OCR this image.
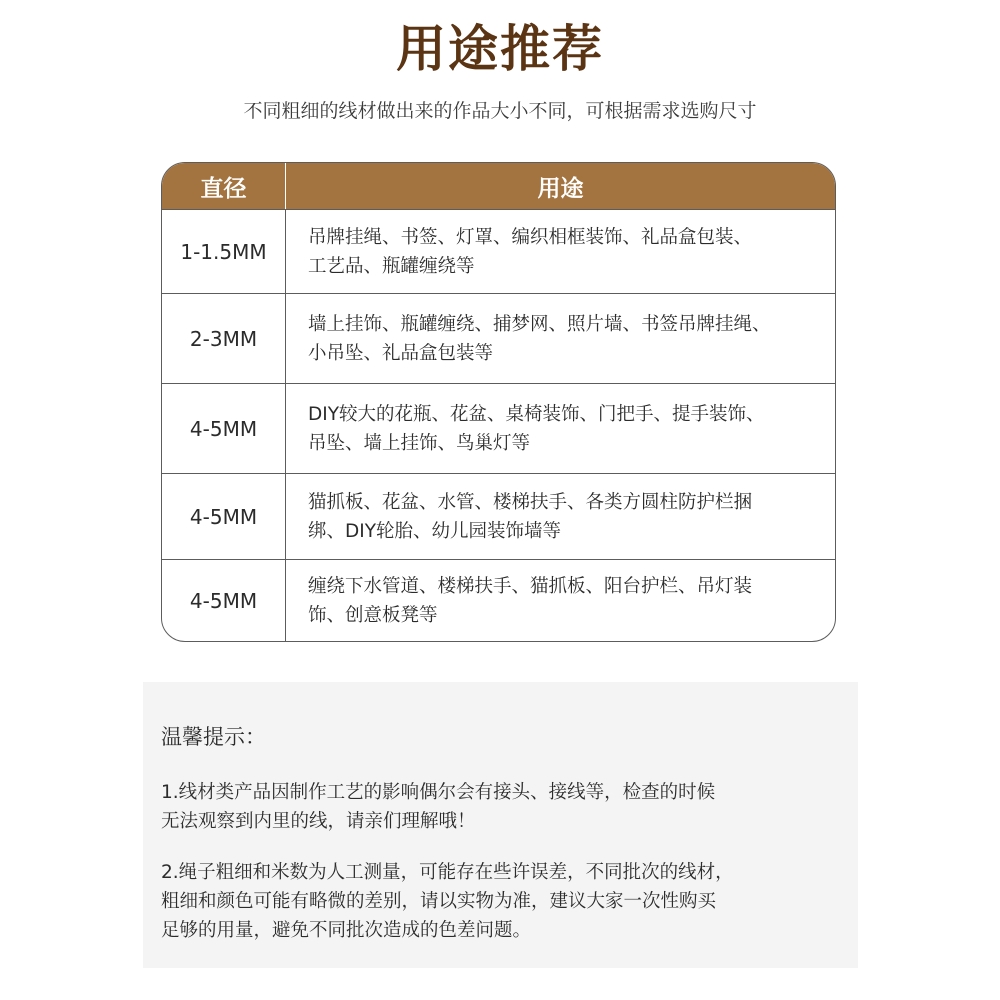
用途推荐
不同粗细的线材做出来的作品大小不同，可根据需求选购尺寸
直径	用途
1-1.5MM
吊牌挂绳、书签、灯罩、编织相框装饰、礼品盒包装、
工艺品、瓶罐缠绕等
2-3MM
墙上挂饰、瓶罐缠绕、捕梦网、照片墙、书签吊牌挂绳、
小吊坠、礼品盒包装等
4-5MM
DIY较大的花瓶、花盆、桌椅装饰、门把手、提手装饰、
吊坠、墙上挂饰、鸟巢灯等
4-5MM
猫抓板、花盆、水管、楼梯扶手、各类方圆柱防护栏捆
绑、DIY轮胎、幼儿园装饰墙等
4-5MM
缠绕下水管道、楼梯扶手、猫抓板、阳台护栏、吊灯装
饰、创意板凳等
温馨提示：
1.线材类产品因制作工艺的影响偶尔会有接头、接线等，检查的时候
无法观察到内里的线，请亲们理解哦！
2.绳子粗细和米数为人工测量，可能存在些许误差，不同批次的线材，
粗细和颜色可能有略微的差别，请以实物为准，建议大家一次性购买
足够的用量，避免不同批次造成的色差问题。
